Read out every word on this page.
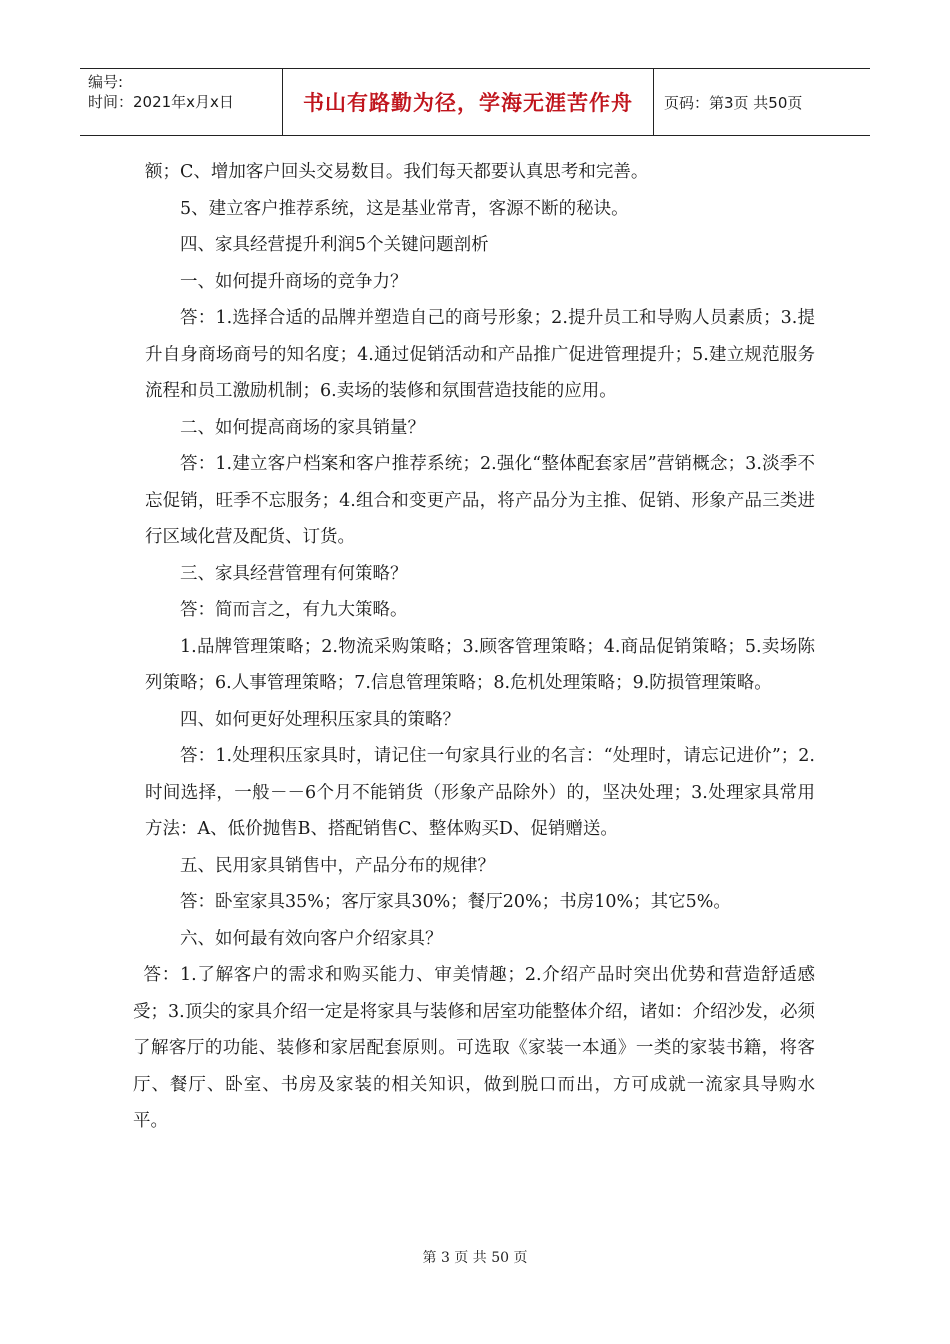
编号:
时间：2021年x月x日	书山有路勤为径，学海无涯苦作舟 页码：第3页 共50页

额；C、增加客户回头交易数目。我们每天都要认真思考和完善。

5、建立客户推荐系统，这是基业常青，客源不断的秘诀。

四、家具经营提升利润5个关键问题剖析

一、如何提升商场的竞争力？

答：1.选择合适的品牌并塑造自己的商号形象；2.提升员工和导购人员素质；3.提升自身商场商号的知名度；4.通过促销活动和产品推广促进管理提升；5.建立规范服务流程和员工激励机制；6.卖场的装修和氛围营造技能的应用。

二、如何提高商场的家具销量？

答：1.建立客户档案和客户推荐系统；2.强化“整体配套家居”营销概念；3.淡季不忘促销，旺季不忘服务；4.组合和变更产品，将产品分为主推、促销、形象产品三类进行区域化营及配货、订货。

三、家具经营管理有何策略？

答：简而言之，有九大策略。

1.品牌管理策略；2.物流采购策略；3.顾客管理策略；4.商品促销策略；5.卖场陈列策略；6.人事管理策略；7.信息管理策略；8.危机处理策略；9.防损管理策略。

四、如何更好处理积压家具的策略？

答：1.处理积压家具时，请记住一句家具行业的名言：“处理时，请忘记进价”；2.时间选择，一般－－6个月不能销货（形象产品除外）的，坚决处理；3.处理家具常用方法：A、低价抛售B、搭配销售C、整体购买D、促销赠送。

五、民用家具销售中，产品分布的规律？

答：卧室家具35%；客厅家具30%；餐厅20%；书房10%；其它5%。

六、如何最有效向客户介绍家具？

答：1.了解客户的需求和购买能力、审美情趣；2.介绍产品时突出优势和营造舒适感受；3.顶尖的家具介绍一定是将家具与装修和居室功能整体介绍，诸如：介绍沙发，必须了解客厅的功能、装修和家居配套原则。可选取《家装一本通》一类的家装书籍，将客厅、餐厅、卧室、书房及家装的相关知识，做到脱口而出，方可成就一流家具导购水平。

第 3 页 共 50 页
